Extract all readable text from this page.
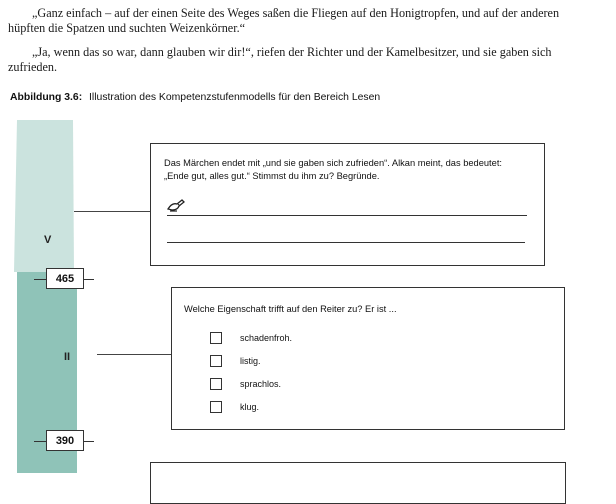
„Ganz einfach – auf der einen Seite des Weges saßen die Fliegen auf den Honigtropfen, und auf der anderen hüpften die Spatzen und suchten Weizenkörner.“
„Ja, wenn das so war, dann glauben wir dir!“, riefen der Richter und der Kamelbesitzer, und sie gaben sich zufrieden.
Abbildung 3.6: Illustration des Kompetenzstufenmodells für den Bereich Lesen
V
II
465
390
Das Märchen endet mit „und sie gaben sich zufrieden“. Alkan meint, das bedeutet: „Ende gut, alles gut.“ Stimmst du ihm zu? Begründe.
Welche Eigenschaft trifft auf den Reiter zu? Er ist ...
schadenfroh.
listig.
sprachlos.
klug.
